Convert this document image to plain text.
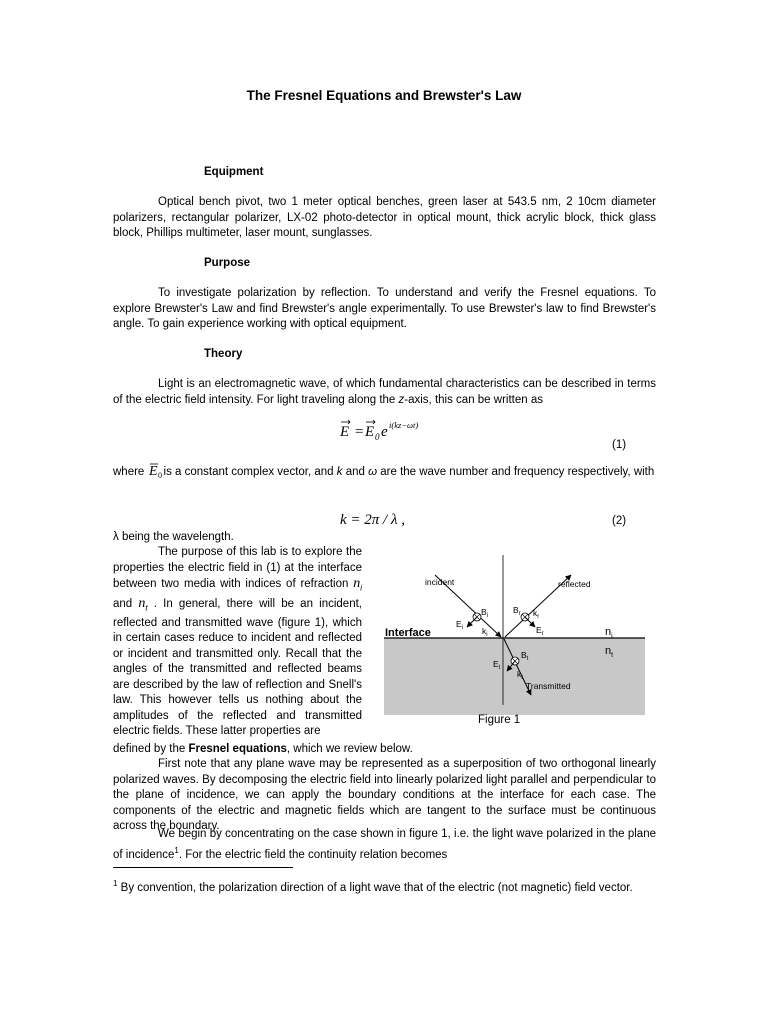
The Fresnel Equations and Brewster's Law
Equipment

Optical bench pivot, two 1 meter optical benches, green laser at 543.5 nm, 2 10cm diameter polarizers, rectangular polarizer, LX-02 photo-detector in optical mount, thick acrylic block, thick glass block, Phillips multimeter, laser mount, sunglasses.

Purpose

To investigate polarization by reflection. To understand and verify the Fresnel equations. To explore Brewster's Law and find Brewster's angle experimentally. To use Brewster's law to find Brewster's angle. To gain experience working with optical equipment.

Theory

Light is an electromagnetic wave, of which fundamental characteristics can be described in terms of the electric field intensity. For light traveling along the z-axis, this can be written as

E = E 0 e i(kz−ωt)
(1)

where E 0 is a constant complex vector, and k and ω are the wave number and frequency respectively, with

k = 2π / λ ,	(2)
λ being the wavelength.

The purpose of this lab is to explore the properties the electric field in (1) at the interface between two media with indices of refraction $n_i$ and $n_t$ . In general, there will be an incident, reflected and transmitted wave (figure 1), which in certain cases reduce to incident and reflected or incident and transmitted only. Recall that the angles of the transmitted and reflected beams are described by the law of reflection and Snell's law. This however tells us nothing about the amplitudes of the reflected and transmitted electric fields. These latter properties are

defined by the Fresnel equations, which we review below.

First note that any plane wave may be represented as a superposition of two orthogonal linearly polarized waves. By decomposing the electric field into linearly polarized light parallel and perpendicular to the plane of incidence, we can apply the boundary conditions at the interface for each case. The components of the electric and magnetic fields which are tangent to the surface must be continuous across the boundary.

We begin by concentrating on the case shown in figure 1, i.e. the light wave polarized in the plane of incidence$^1$. For the electric field the continuity relation becomes

incident	reflected
Interface
Transmitted
$n_i$
$n_t$
$B_i$
$E_i$ $k_i$
$B_r$ $k_r$
$E_r$
$E_t$
$B_t$
$k_t$
Figure 1
$^1$ By convention, the polarization direction of a light wave that of the electric (not magnetic) field vector.
